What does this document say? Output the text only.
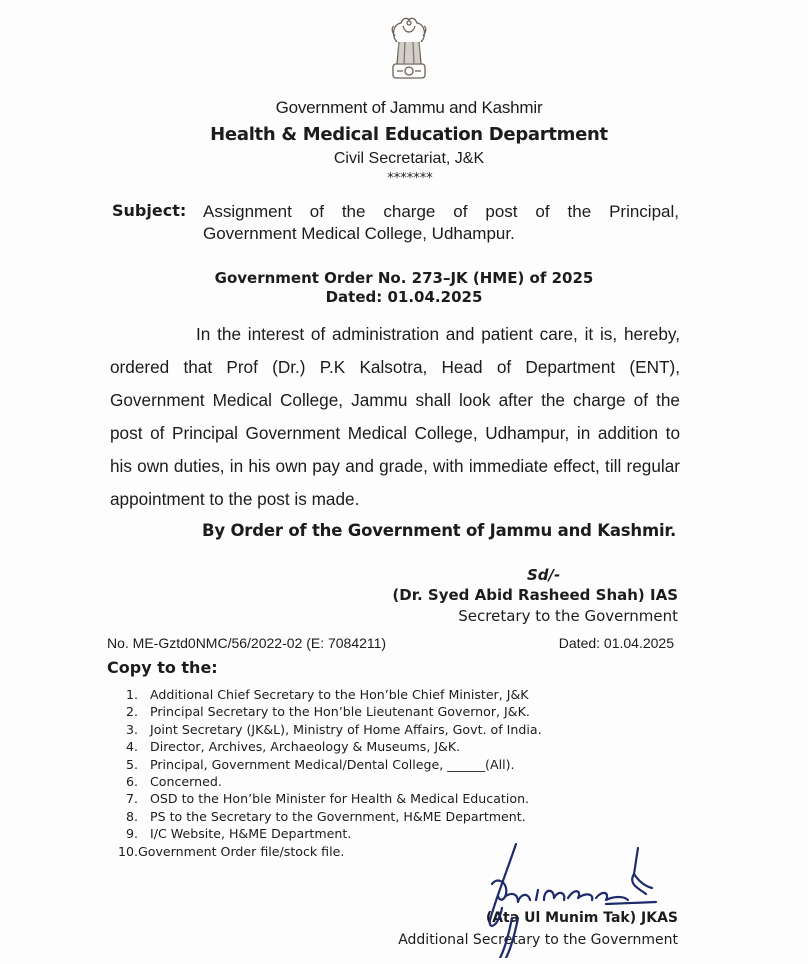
Government of Jammu and Kashmir
Health & Medical Education Department
Civil Secretariat, J&K
*******
Subject: Assignment of the charge of post of the Principal,
Government Medical College, Udhampur.
Government Order No. 273–JK (HME) of 2025
Dated: 01.04.2025
In the interest of administration and patient care, it is, hereby, ordered that Prof (Dr.) P.K Kalsotra, Head of Department (ENT), Government Medical College, Jammu shall look after the charge of the post of Principal Government Medical College, Udhampur, in addition to his own duties, in his own pay and grade, with immediate effect, till regular appointment to the post is made.
By Order of the Government of Jammu and Kashmir.
Sd/-
(Dr. Syed Abid Rasheed Shah) IAS
Secretary to the Government
No. ME-Gztd0NMC/56/2022-02 (E: 7084211)	Dated: 01.04.2025
Copy to the:
1. Additional Chief Secretary to the Hon’ble Chief Minister, J&K
2. Principal Secretary to the Hon’ble Lieutenant Governor, J&K.
3. Joint Secretary (JK&L), Ministry of Home Affairs, Govt. of India.
4. Director, Archives, Archaeology & Museums, J&K.
5. Principal, Government Medical/Dental College, ______(All).
6. Concerned.
7. OSD to the Hon’ble Minister for Health & Medical Education.
8. PS to the Secretary to the Government, H&ME Department.
9. I/C Website, H&ME Department.
10.Government Order file/stock file.
(Ata Ul Munim Tak) JKAS
Additional Secretary to the Government
